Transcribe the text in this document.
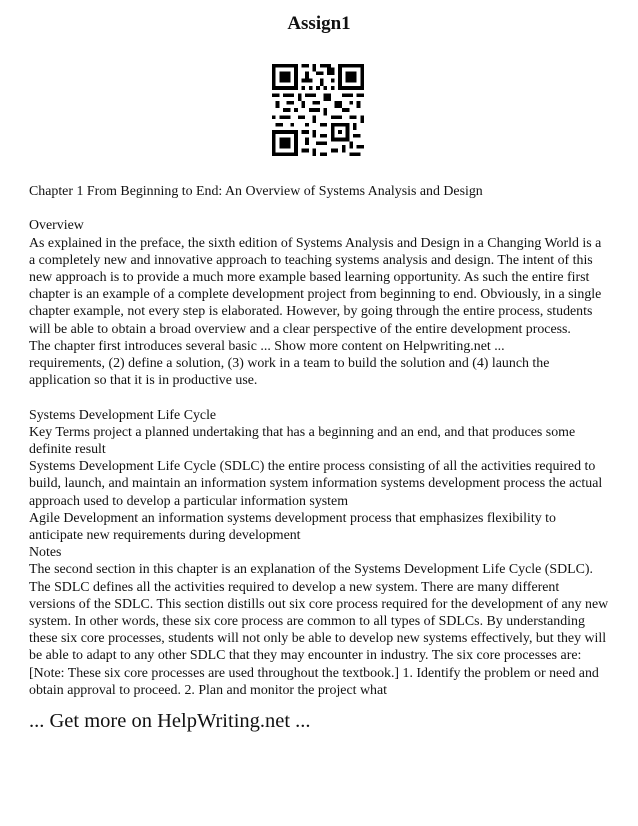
Assign1

Chapter 1 From Beginning to End: An Overview of Systems Analysis and Design

Overview

As explained in the preface, the sixth edition of Systems Analysis and Design in a Changing World is a a completely new and innovative approach to teaching systems analysis and design. The intent of this new approach is to provide a much more example based learning opportunity. As such the entire first chapter is an example of a complete development project from beginning to end. Obviously, in a single chapter example, not every step is elaborated. However, by going through the entire process, students will be able to obtain a broad overview and a clear perspective of the entire development process.

The chapter first introduces several basic ... Show more content on Helpwriting.net ...

requirements, (2) define a solution, (3) work in a team to build the solution and (4) launch the application so that it is in productive use.

Systems Development Life Cycle

Key Terms project a planned undertaking that has a beginning and an end, and that produces some definite result

Systems Development Life Cycle (SDLC) the entire process consisting of all the activities required to build, launch, and maintain an information system information systems development process the actual approach used to develop a particular information system

Agile Development an information systems development process that emphasizes flexibility to anticipate new requirements during development

Notes

The second section in this chapter is an explanation of the Systems Development Life Cycle (SDLC). The SDLC defines all the activities required to develop a new system. There are many different versions of the SDLC. This section distills out six core process required for the development of any new system. In other words, these six core process are common to all types of SDLCs. By understanding these six core processes, students will not only be able to develop new systems effectively, but they will be able to adapt to any other SDLC that they may encounter in industry. The six core processes are: [Note: These six core processes are used throughout the textbook.] 1. Identify the problem or need and obtain approval to proceed. 2. Plan and monitor the project what

... Get more on HelpWriting.net ...
